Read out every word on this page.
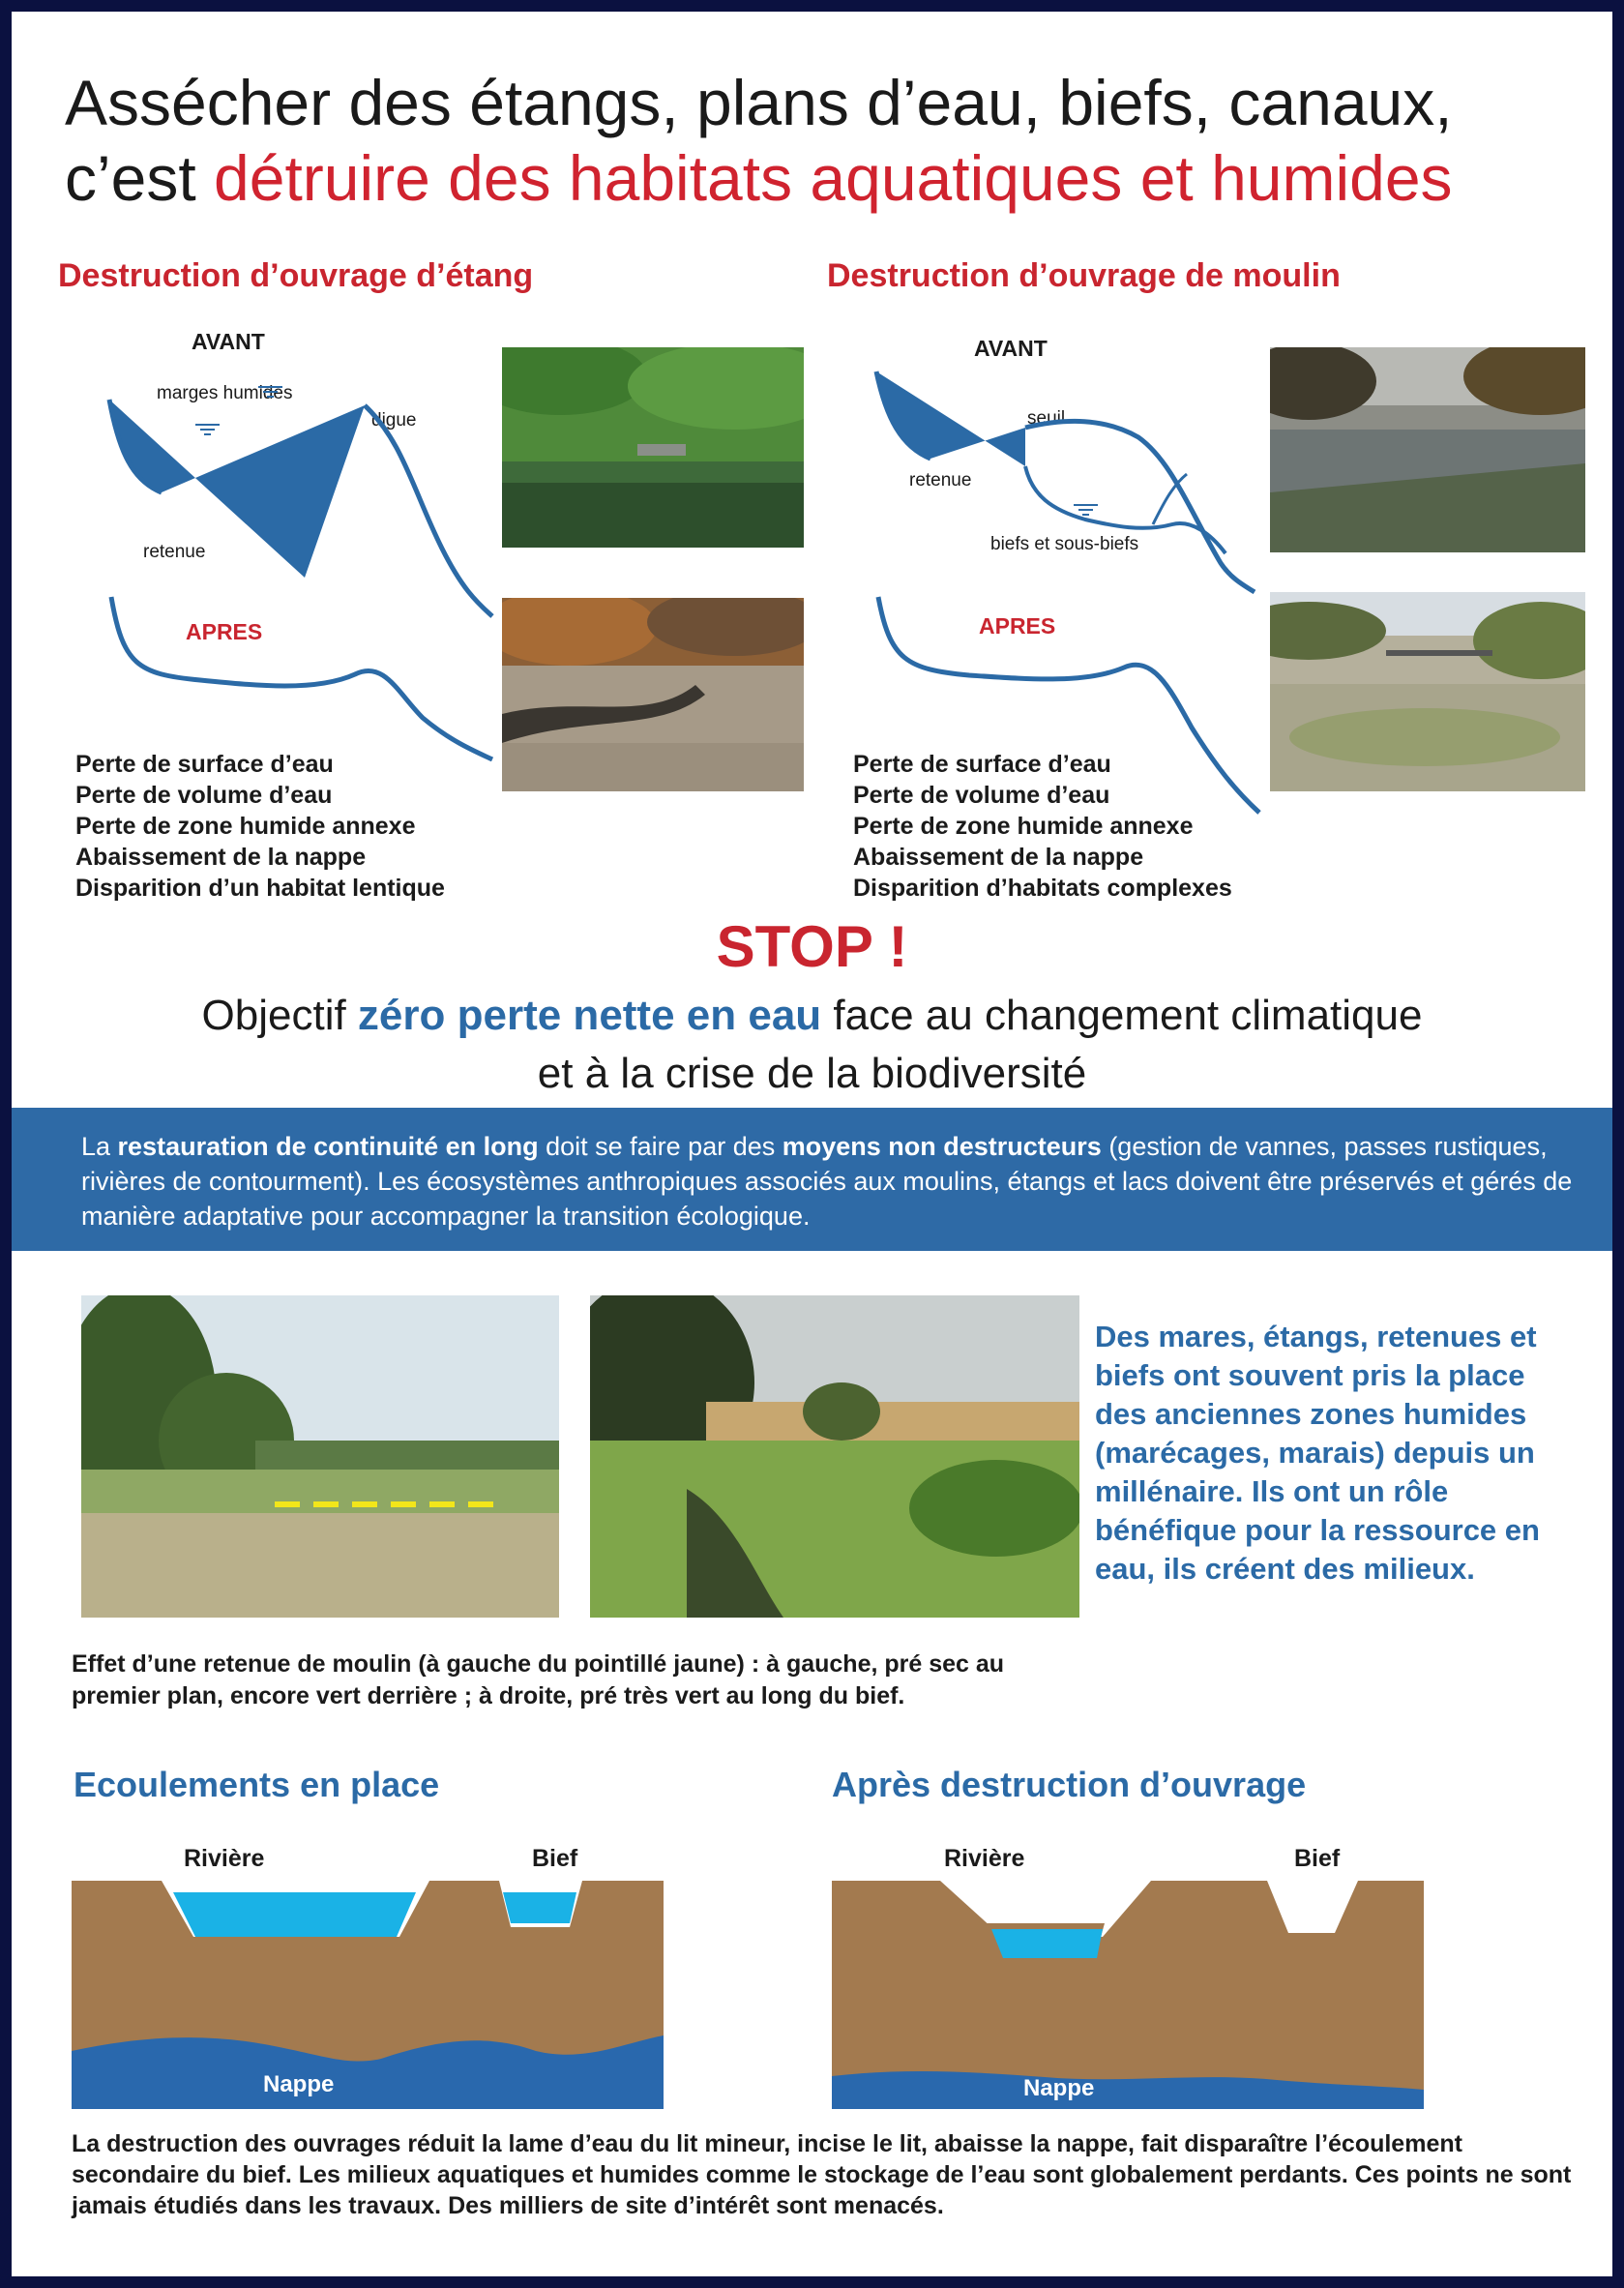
Assécher des étangs, plans d’eau, biefs, canaux,
c’est détruire des habitats aquatiques et humides
Destruction d’ouvrage d’étang
AVANT
marges humides
digue
retenue
APRES
Perte de surface d’eau
Perte de volume d’eau
Perte de zone humide annexe
Abaissement de la nappe
Disparition d’un habitat lentique
Destruction d’ouvrage de moulin
AVANT
seuil
retenue
biefs et sous-biefs
APRES
Perte de surface d’eau
Perte de volume d’eau
Perte de zone humide annexe
Abaissement de la nappe
Disparition d’habitats complexes
STOP !
Objectif zéro perte nette en eau face au changement climatique
et à la crise de la biodiversité

La restauration de continuité en long doit se faire par des moyens non destructeurs (gestion de vannes, passes rustiques, rivières de contourment). Les écosystèmes anthropiques associés aux moulins, étangs et lacs doivent être préservés et gérés de manière adaptative pour accompagner la transition écologique.

Des mares, étangs, retenues et biefs ont souvent pris la place des anciennes zones humides (marécages, marais) depuis un millénaire. Ils ont un rôle bénéfique pour la ressource en eau, ils créent des milieux.
Effet d’une retenue de moulin (à gauche du pointillé jaune) : à gauche, pré sec au premier plan, encore vert derrière ; à droite, pré très vert au long du bief.
Ecoulements en place	Après destruction d’ouvrage
Rivière	Bief	Rivière	Bief
Nappe	Nappe
La destruction des ouvrages réduit la lame d’eau du lit mineur, incise le lit, abaisse la nappe, fait disparaître l’écoulement secondaire du bief. Les milieux aquatiques et humides comme le stockage de l’eau sont globalement perdants. Ces points ne sont jamais étudiés dans les travaux. Des milliers de site d’intérêt sont menacés.
